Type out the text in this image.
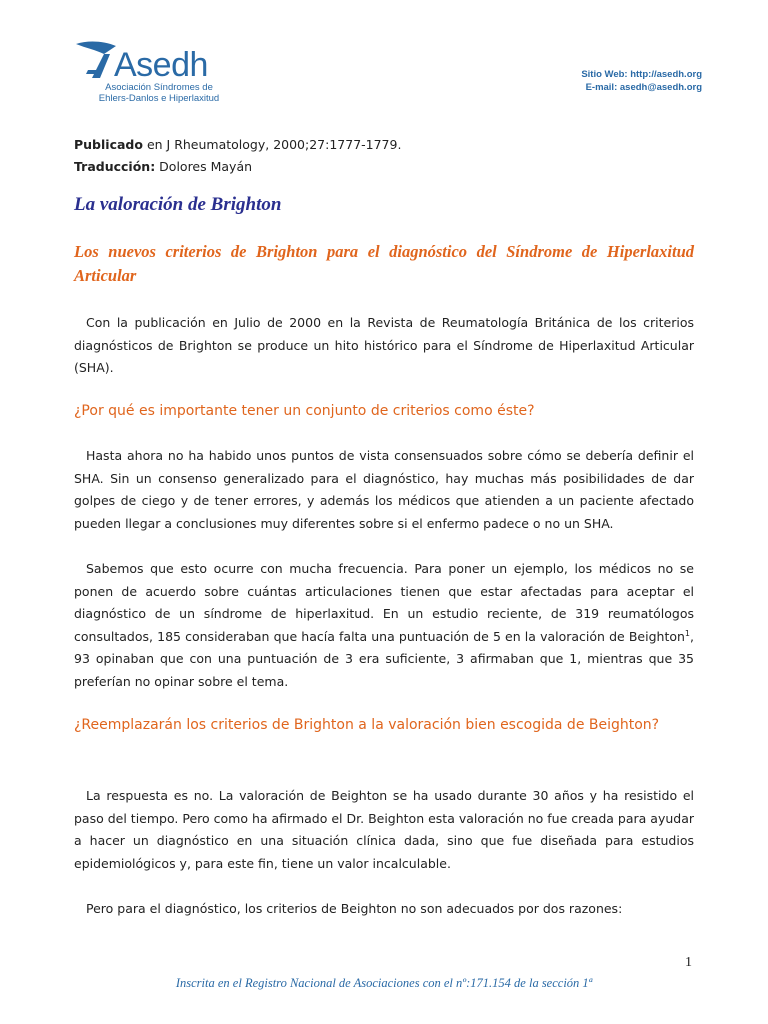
Asedh
Asociación Síndromes de
Ehlers-Danlos e Hiperlaxitud
Sitio Web: http://asedh.org
E-mail: asedh@asedh.org
Publicado en J Rheumatology, 2000;27:1777-1779.
Traducción: Dolores Mayán
La valoración de Brighton
Los nuevos criterios de Brighton para el diagnóstico del Síndrome de Hiperlaxitud Articular

Con la publicación en Julio de 2000 en la Revista de Reumatología Británica de los criterios diagnósticos de Brighton se produce un hito histórico para el Síndrome de Hiperlaxitud Articular (SHA).

¿Por qué es importante tener un conjunto de criterios como éste?

Hasta ahora no ha habido unos puntos de vista consensuados sobre cómo se debería definir el SHA. Sin un consenso generalizado para el diagnóstico, hay muchas más posibilidades de dar golpes de ciego y de tener errores, y además los médicos que atienden a un paciente afectado pueden llegar a conclusiones muy diferentes sobre si el enfermo padece o no un SHA.

Sabemos que esto ocurre con mucha frecuencia. Para poner un ejemplo, los médicos no se ponen de acuerdo sobre cuántas articulaciones tienen que estar afectadas para aceptar el diagnóstico de un síndrome de hiperlaxitud. En un estudio reciente, de 319 reumatólogos consultados, 185 consideraban que hacía falta una puntuación de 5 en la valoración de Beighton$^1$, 93 opinaban que con una puntuación de 3 era suficiente, 3 afirmaban que 1, mientras que 35 preferían no opinar sobre el tema.

¿Reemplazarán los criterios de Brighton a la valoración bien escogida de Beighton?

La respuesta es no. La valoración de Beighton se ha usado durante 30 años y ha resistido el paso del tiempo. Pero como ha afirmado el Dr. Beighton esta valoración no fue creada para ayudar a hacer un diagnóstico en una situación clínica dada, sino que fue diseñada para estudios epidemiológicos y, para este fin, tiene un valor incalculable.

Pero para el diagnóstico, los criterios de Beighton no son adecuados por dos razones:

1
Inscrita en el Registro Nacional de Asociaciones con el nº:171.154 de la sección 1ª
